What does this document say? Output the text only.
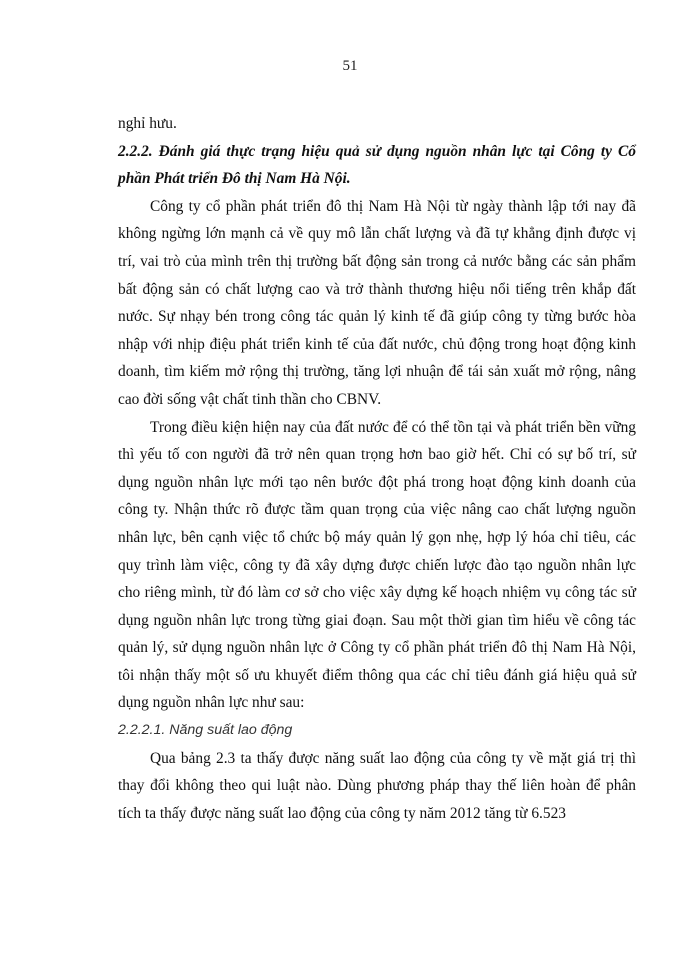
51

nghỉ hưu.

2.2.2. Đánh giá thực trạng hiệu quả sử dụng nguồn nhân lực tại Công ty Cổ phần Phát triển Đô thị Nam Hà Nội.

Công ty cổ phần phát triển đô thị Nam Hà Nội từ ngày thành lập tới nay đã không ngừng lớn mạnh cả về quy mô lẫn chất lượng và đã tự khẳng định được vị trí, vai trò của mình trên thị trường bất động sản trong cả nước bằng các sản phẩm bất động sản có chất lượng cao và trở thành thương hiệu nổi tiếng trên khắp đất nước. Sự nhạy bén trong công tác quản lý kinh tế đã giúp công ty từng bước hòa nhập với nhịp điệu phát triển kinh tế của đất nước, chủ động trong hoạt động kinh doanh, tìm kiếm mở rộng thị trường, tăng lợi nhuận để tái sản xuất mở rộng, nâng cao đời sống vật chất tinh thần cho CBNV.

Trong điều kiện hiện nay của đất nước để có thể tồn tại và phát triển bền vững thì yếu tố con người đã trở nên quan trọng hơn bao giờ hết. Chỉ có sự bố trí, sử dụng nguồn nhân lực mới tạo nên bước đột phá trong hoạt động kinh doanh của công ty. Nhận thức rõ được tầm quan trọng của việc nâng cao chất lượng nguồn nhân lực, bên cạnh việc tổ chức bộ máy quản lý gọn nhẹ, hợp lý hóa chỉ tiêu, các quy trình làm việc, công ty đã xây dựng được chiến lược đào tạo nguồn nhân lực cho riêng mình, từ đó làm cơ sở cho việc xây dựng kế hoạch nhiệm vụ công tác sử dụng nguồn nhân lực trong từng giai đoạn. Sau một thời gian tìm hiểu về công tác quản lý, sử dụng nguồn nhân lực ở Công ty cổ phần phát triển đô thị Nam Hà Nội, tôi nhận thấy một số ưu khuyết điểm thông qua các chỉ tiêu đánh giá hiệu quả sử dụng nguồn nhân lực như sau:

2.2.2.1. Năng suất lao động

Qua bảng 2.3 ta thấy được năng suất lao động của công ty về mặt giá trị thì thay đổi không theo qui luật nào. Dùng phương pháp thay thế liên hoàn để phân tích ta thấy được năng suất lao động của công ty năm 2012 tăng từ 6.523
